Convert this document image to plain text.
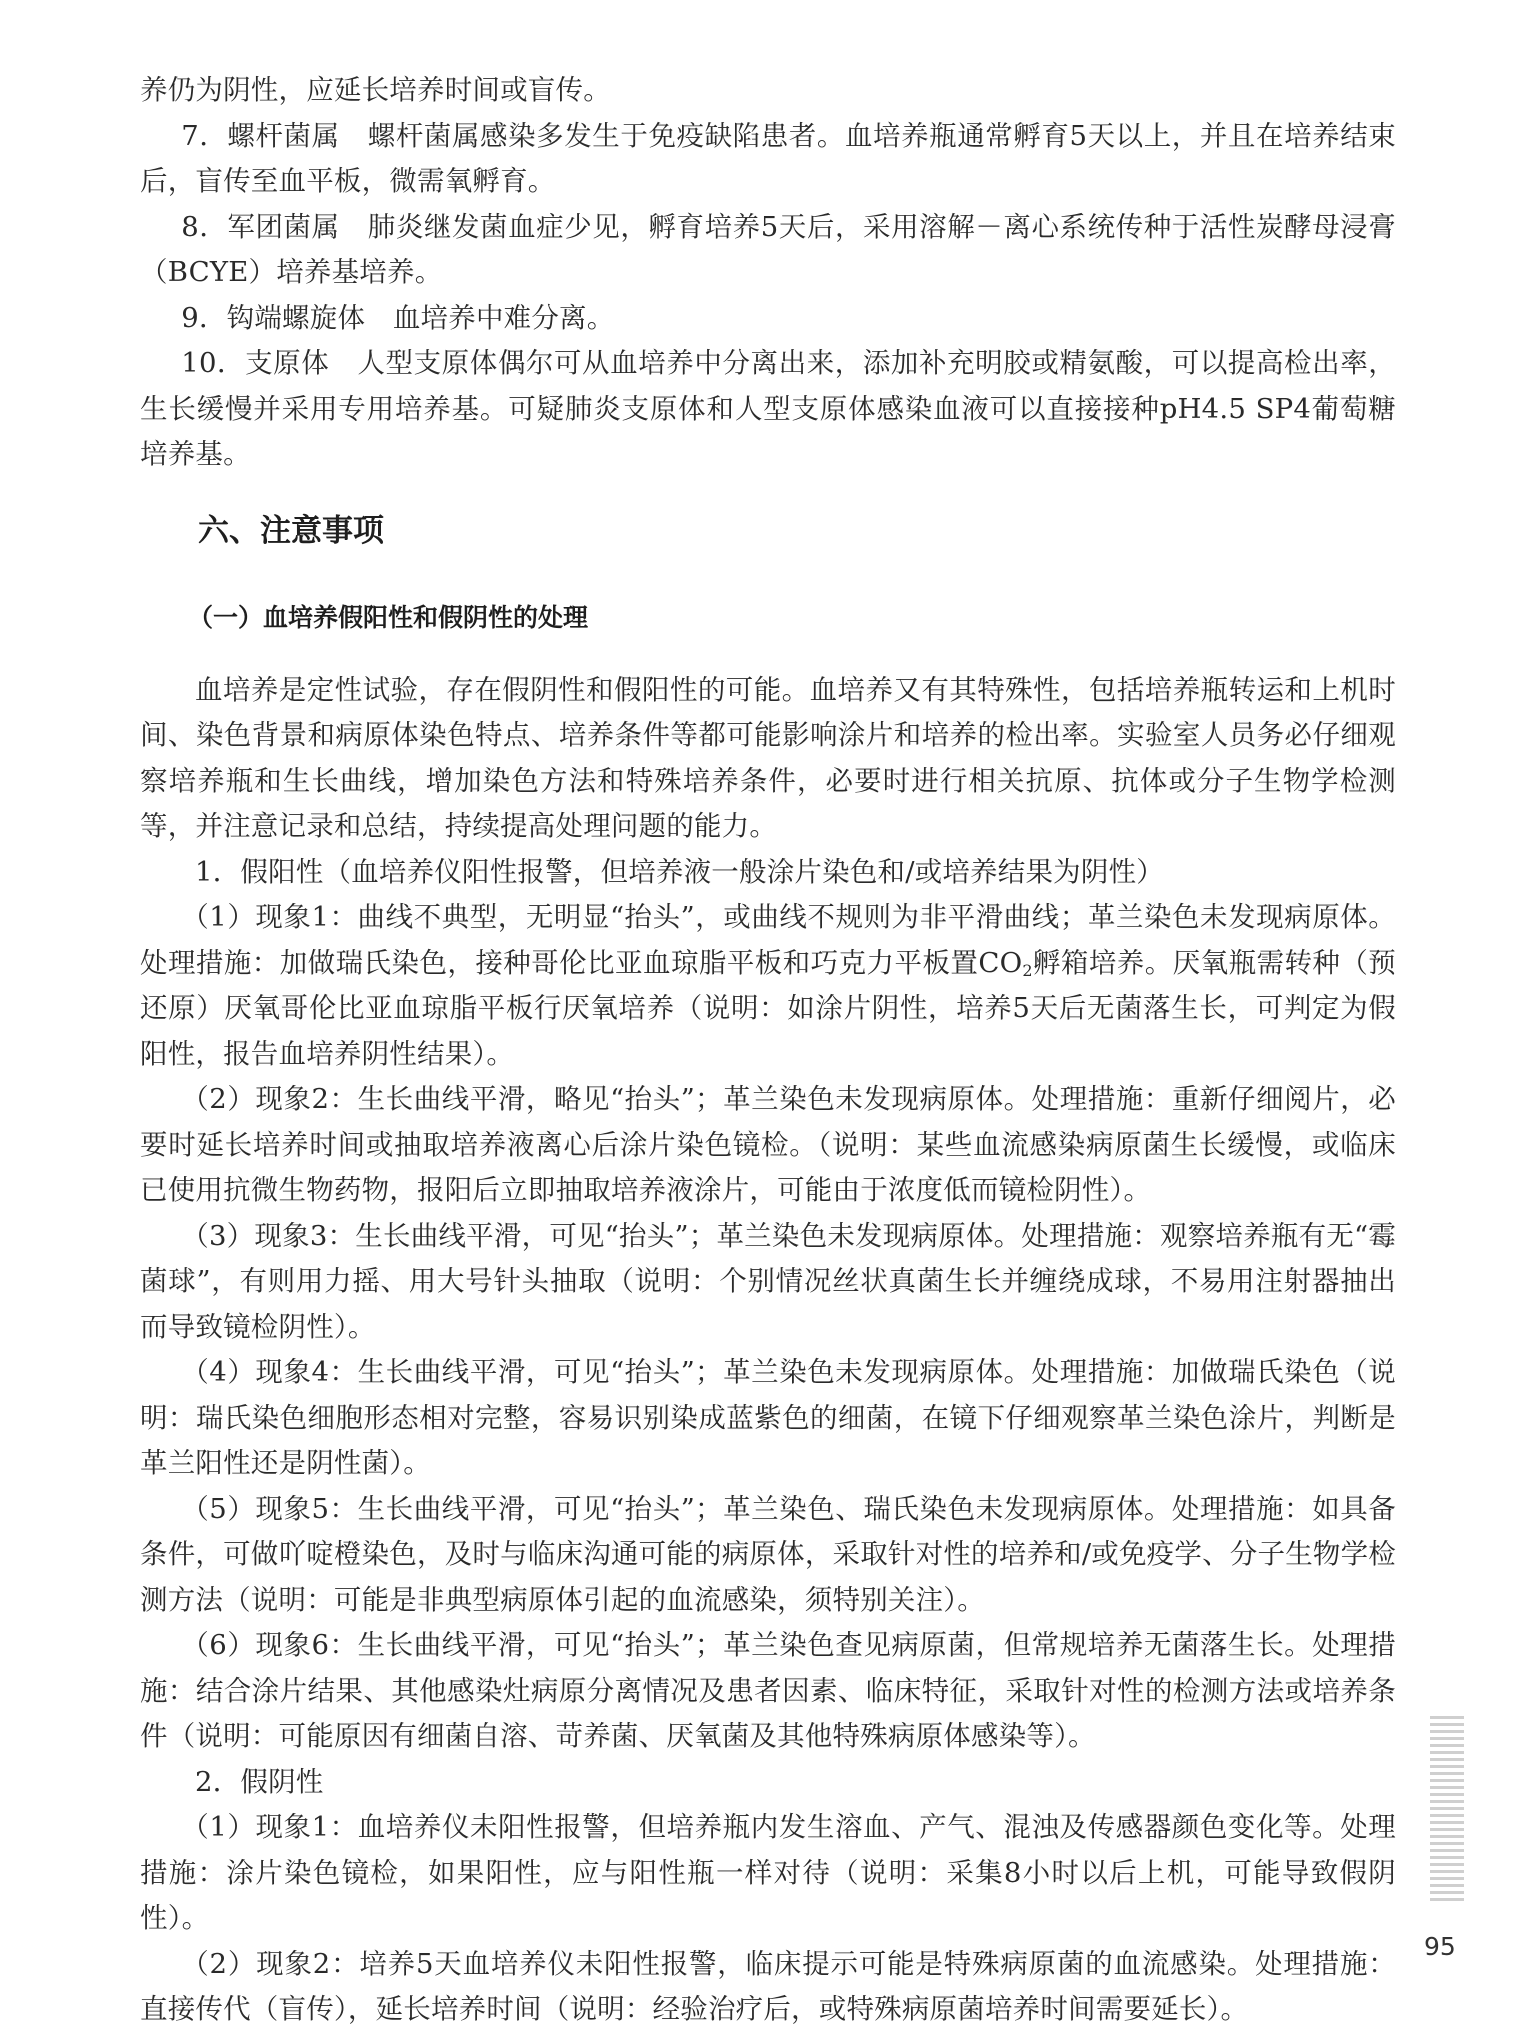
养仍为阴性，应延长培养时间或盲传。

7．螺杆菌属　螺杆菌属感染多发生于免疫缺陷患者。血培养瓶通常孵育5天以上，并且在培养结束后，盲传至血平板，微需氧孵育。

8．军团菌属　肺炎继发菌血症少见，孵育培养5天后，采用溶解－离心系统传种于活性炭酵母浸膏（BCYE）培养基培养。

9．钩端螺旋体　血培养中难分离。

10．支原体　人型支原体偶尔可从血培养中分离出来，添加补充明胶或精氨酸，可以提高检出率，生长缓慢并采用专用培养基。可疑肺炎支原体和人型支原体感染血液可以直接接种pH4.5 SP4葡萄糖培养基。

六、注意事项
（一）血培养假阳性和假阴性的处理

血培养是定性试验，存在假阴性和假阳性的可能。血培养又有其特殊性，包括培养瓶转运和上机时间、染色背景和病原体染色特点、培养条件等都可能影响涂片和培养的检出率。实验室人员务必仔细观察培养瓶和生长曲线，增加染色方法和特殊培养条件，必要时进行相关抗原、抗体或分子生物学检测等，并注意记录和总结，持续提高处理问题的能力。

1．假阳性（血培养仪阳性报警，但培养液一般涂片染色和/或培养结果为阴性）

（1）现象1：曲线不典型，无明显“抬头”，或曲线不规则为非平滑曲线；革兰染色未发现病原体。处理措施：加做瑞氏染色，接种哥伦比亚血琼脂平板和巧克力平板置$CO_2$孵箱培养。厌氧瓶需转种（预还原）厌氧哥伦比亚血琼脂平板行厌氧培养（说明：如涂片阴性，培养5天后无菌落生长，可判定为假阳性，报告血培养阴性结果）。

（2）现象2：生长曲线平滑，略见“抬头”；革兰染色未发现病原体。处理措施：重新仔细阅片，必要时延长培养时间或抽取培养液离心后涂片染色镜检。（说明：某些血流感染病原菌生长缓慢，或临床已使用抗微生物药物，报阳后立即抽取培养液涂片，可能由于浓度低而镜检阴性）。

（3）现象3：生长曲线平滑，可见“抬头”；革兰染色未发现病原体。处理措施：观察培养瓶有无“霉菌球”，有则用力摇、用大号针头抽取（说明：个别情况丝状真菌生长并缠绕成球，不易用注射器抽出而导致镜检阴性）。

（4）现象4：生长曲线平滑，可见“抬头”；革兰染色未发现病原体。处理措施：加做瑞氏染色（说明：瑞氏染色细胞形态相对完整，容易识别染成蓝紫色的细菌，在镜下仔细观察革兰染色涂片，判断是革兰阳性还是阴性菌）。

（5）现象5：生长曲线平滑，可见“抬头”；革兰染色、瑞氏染色未发现病原体。处理措施：如具备条件，可做吖啶橙染色，及时与临床沟通可能的病原体，采取针对性的培养和/或免疫学、分子生物学检测方法（说明：可能是非典型病原体引起的血流感染，须特别关注）。

（6）现象6：生长曲线平滑，可见“抬头”；革兰染色查见病原菌，但常规培养无菌落生长。处理措施：结合涂片结果、其他感染灶病原分离情况及患者因素、临床特征，采取针对性的检测方法或培养条件（说明：可能原因有细菌自溶、苛养菌、厌氧菌及其他特殊病原体感染等）。

2．假阴性

（1）现象1：血培养仪未阳性报警，但培养瓶内发生溶血、产气、混浊及传感器颜色变化等。处理措施：涂片染色镜检，如果阳性，应与阳性瓶一样对待（说明：采集8小时以后上机，可能导致假阴性）。

（2）现象2：培养5天血培养仪未阳性报警，临床提示可能是特殊病原菌的血流感染。处理措施：直接传代（盲传），延长培养时间（说明：经验治疗后，或特殊病原菌培养时间需要延长）。

95
